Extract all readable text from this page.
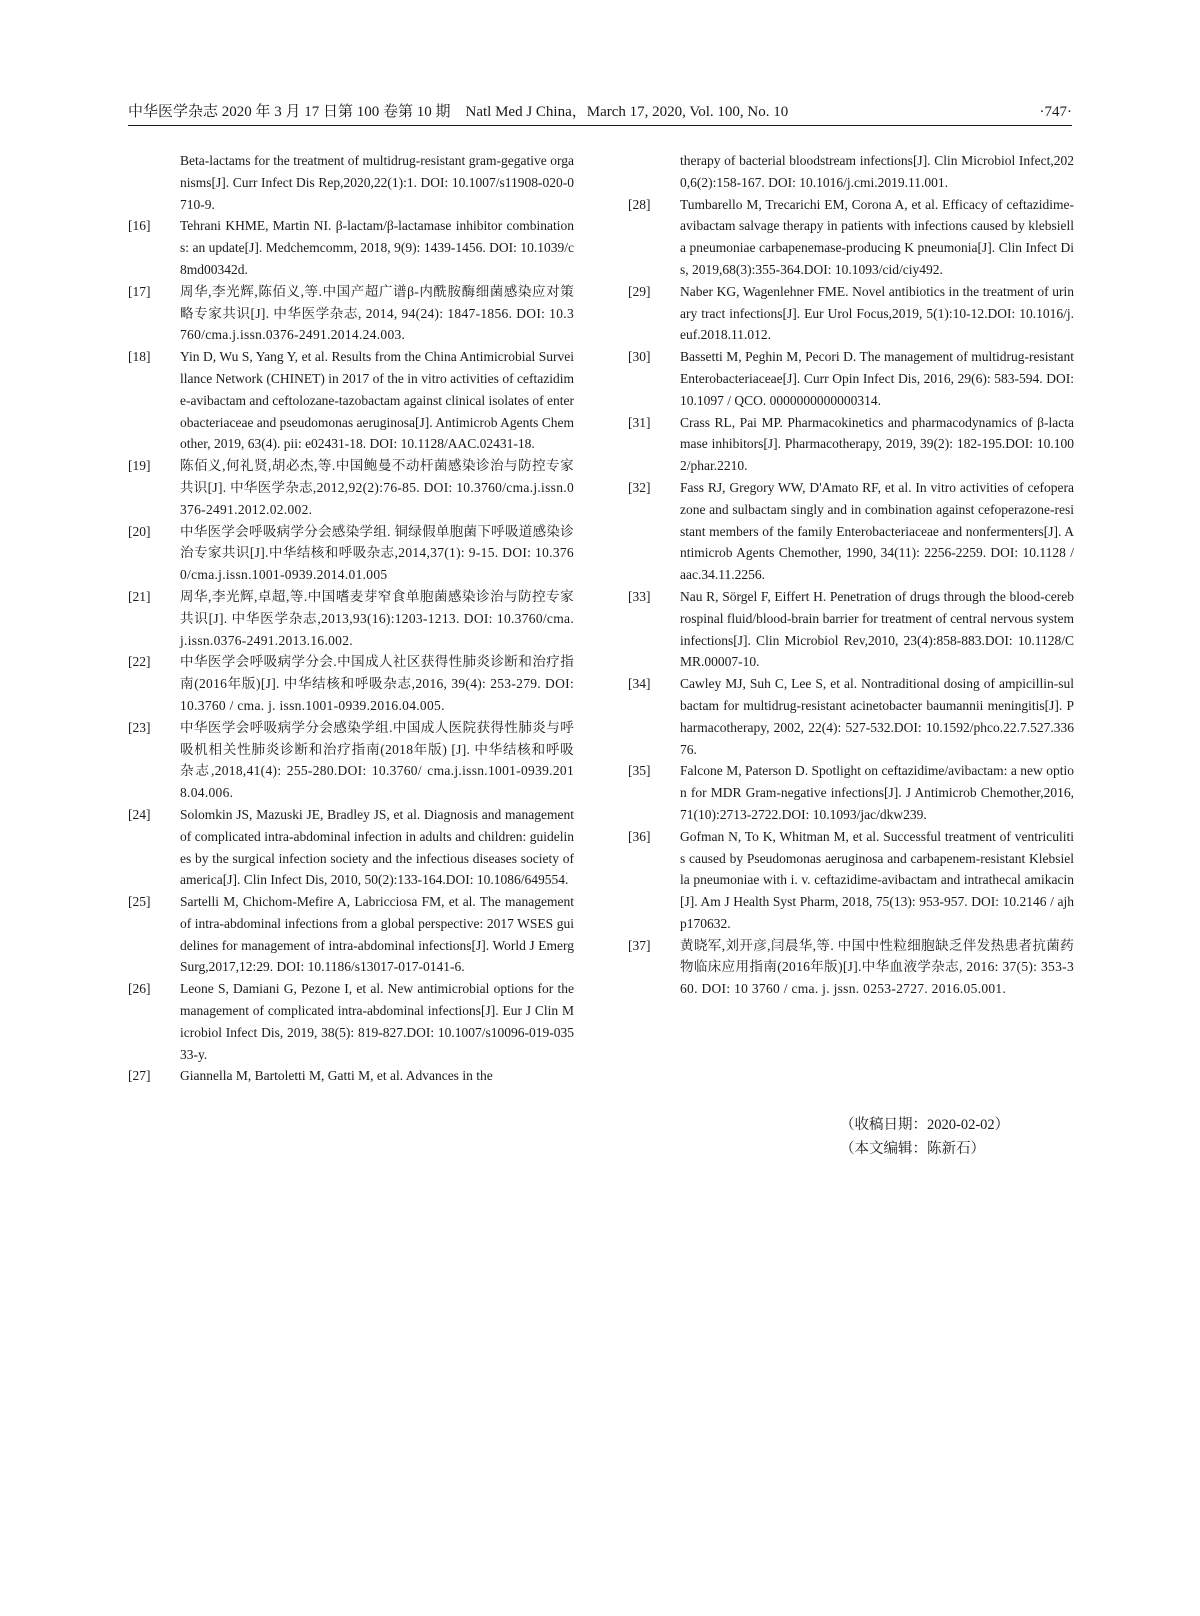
中华医学杂志 2020 年 3 月 17 日第 100 卷第 10 期　Natl Med J China，March 17, 2020, Vol. 100, No. 10	·747·
Beta-lactams for the treatment of multidrug-resistant gram-gegative organisms[J]. Curr Infect Dis Rep,2020,22(1):1. DOI: 10.1007/s11908-020-0710-9.
[16]	Tehrani KHME, Martin NI. β-lactam/β-lactamase inhibitor combinations: an update[J]. Medchemcomm, 2018, 9(9): 1439-1456. DOI: 10.1039/c8md00342d.
[17]	周华,李光辉,陈佰义,等.中国产超广谱β-内酰胺酶细菌感染应对策略专家共识[J]. 中华医学杂志, 2014, 94(24): 1847-1856. DOI: 10.3760/cma.j.issn.0376-2491.2014.24.003.
[18]	Yin D, Wu S, Yang Y, et al. Results from the China Antimicrobial Surveillance Network (CHINET) in 2017 of the in vitro activities of ceftazidime-avibactam and ceftolozane-tazobactam against clinical isolates of enterobacteriaceae and pseudomonas aeruginosa[J]. Antimicrob Agents Chemother, 2019, 63(4). pii: e02431-18. DOI: 10.1128/AAC.02431-18.
[19]	陈佰义,何礼贤,胡必杰,等.中国鲍曼不动杆菌感染诊治与防控专家共识[J]. 中华医学杂志,2012,92(2):76-85. DOI: 10.3760/cma.j.issn.0376-2491.2012.02.002.
[20]	中华医学会呼吸病学分会感染学组. 铜绿假单胞菌下呼吸道感染诊治专家共识[J].中华结核和呼吸杂志,2014,37(1): 9-15. DOI: 10.3760/cma.j.issn.1001-0939.2014.01.005
[21]	周华,李光辉,卓超,等.中国嗜麦芽窄食单胞菌感染诊治与防控专家共识[J]. 中华医学杂志,2013,93(16):1203-1213. DOI: 10.3760/cma.j.issn.0376-2491.2013.16.002.
[22]	中华医学会呼吸病学分会.中国成人社区获得性肺炎诊断和治疗指南(2016年版)[J]. 中华结核和呼吸杂志,2016, 39(4): 253-279. DOI: 10.3760 / cma. j. issn.1001-0939.2016.04.005.
[23]	中华医学会呼吸病学分会感染学组.中国成人医院获得性肺炎与呼吸机相关性肺炎诊断和治疗指南(2018年版) [J]. 中华结核和呼吸杂志,2018,41(4): 255-280.DOI: 10.3760/ cma.j.issn.1001-0939.2018.04.006.
[24]	Solomkin JS, Mazuski JE, Bradley JS, et al. Diagnosis and management of complicated intra-abdominal infection in adults and children: guidelines by the surgical infection society and the infectious diseases society of america[J]. Clin Infect Dis, 2010, 50(2):133-164.DOI: 10.1086/649554.
[25]	Sartelli M, Chichom-Mefire A, Labricciosa FM, et al. The management of intra-abdominal infections from a global perspective: 2017 WSES guidelines for management of intra-abdominal infections[J]. World J Emerg Surg,2017,12:29. DOI: 10.1186/s13017-017-0141-6.
[26]	Leone S, Damiani G, Pezone I, et al. New antimicrobial options for the management of complicated intra-abdominal infections[J]. Eur J Clin Microbiol Infect Dis, 2019, 38(5): 819-827.DOI: 10.1007/s10096-019-03533-y.
[27]	Giannella M, Bartoletti M, Gatti M, et al. Advances in the
therapy of bacterial bloodstream infections[J]. Clin Microbiol Infect,2020,6(2):158-167. DOI: 10.1016/j.cmi.2019.11.001.
[28]	Tumbarello M, Trecarichi EM, Corona A, et al. Efficacy of ceftazidime-avibactam salvage therapy in patients with infections caused by klebsiella pneumoniae carbapenemase-producing K pneumonia[J]. Clin Infect Dis, 2019,68(3):355-364.DOI: 10.1093/cid/ciy492.
[29]	Naber KG, Wagenlehner FME. Novel antibiotics in the treatment of urinary tract infections[J]. Eur Urol Focus,2019, 5(1):10-12.DOI: 10.1016/j.euf.2018.11.012.
[30]	Bassetti M, Peghin M, Pecori D. The management of multidrug-resistant Enterobacteriaceae[J]. Curr Opin Infect Dis, 2016, 29(6): 583-594. DOI: 10.1097 / QCO. 0000000000000314.
[31]	Crass RL, Pai MP. Pharmacokinetics and pharmacodynamics of β-lactamase inhibitors[J]. Pharmacotherapy, 2019, 39(2): 182-195.DOI: 10.1002/phar.2210.
[32]	Fass RJ, Gregory WW, D'Amato RF, et al. In vitro activities of cefoperazone and sulbactam singly and in combination against cefoperazone-resistant members of the family Enterobacteriaceae and nonfermenters[J]. Antimicrob Agents Chemother, 1990, 34(11): 2256-2259. DOI: 10.1128 / aac.34.11.2256.
[33]	Nau R, Sörgel F, Eiffert H. Penetration of drugs through the blood-cerebrospinal fluid/blood-brain barrier for treatment of central nervous system infections[J]. Clin Microbiol Rev,2010, 23(4):858-883.DOI: 10.1128/CMR.00007-10.
[34]	Cawley MJ, Suh C, Lee S, et al. Nontraditional dosing of ampicillin-sulbactam for multidrug-resistant acinetobacter baumannii meningitis[J]. Pharmacotherapy, 2002, 22(4): 527-532.DOI: 10.1592/phco.22.7.527.33676.
[35]	Falcone M, Paterson D. Spotlight on ceftazidime/avibactam: a new option for MDR Gram-negative infections[J]. J Antimicrob Chemother,2016,71(10):2713-2722.DOI: 10.1093/jac/dkw239.
[36]	Gofman N, To K, Whitman M, et al. Successful treatment of ventriculitis caused by Pseudomonas aeruginosa and carbapenem-resistant Klebsiella pneumoniae with i. v. ceftazidime-avibactam and intrathecal amikacin[J]. Am J Health Syst Pharm, 2018, 75(13): 953-957. DOI: 10.2146 / ajhp170632.
[37]	黄晓军,刘开彦,闫晨华,等. 中国中性粒细胞缺乏伴发热患者抗菌药物临床应用指南(2016年版)[J].中华血液学杂志, 2016: 37(5): 353-360. DOI: 10 3760 / cma. j. jssn. 0253-2727. 2016.05.001.
（收稿日期：2020-02-02）
（本文编辑：陈新石）
